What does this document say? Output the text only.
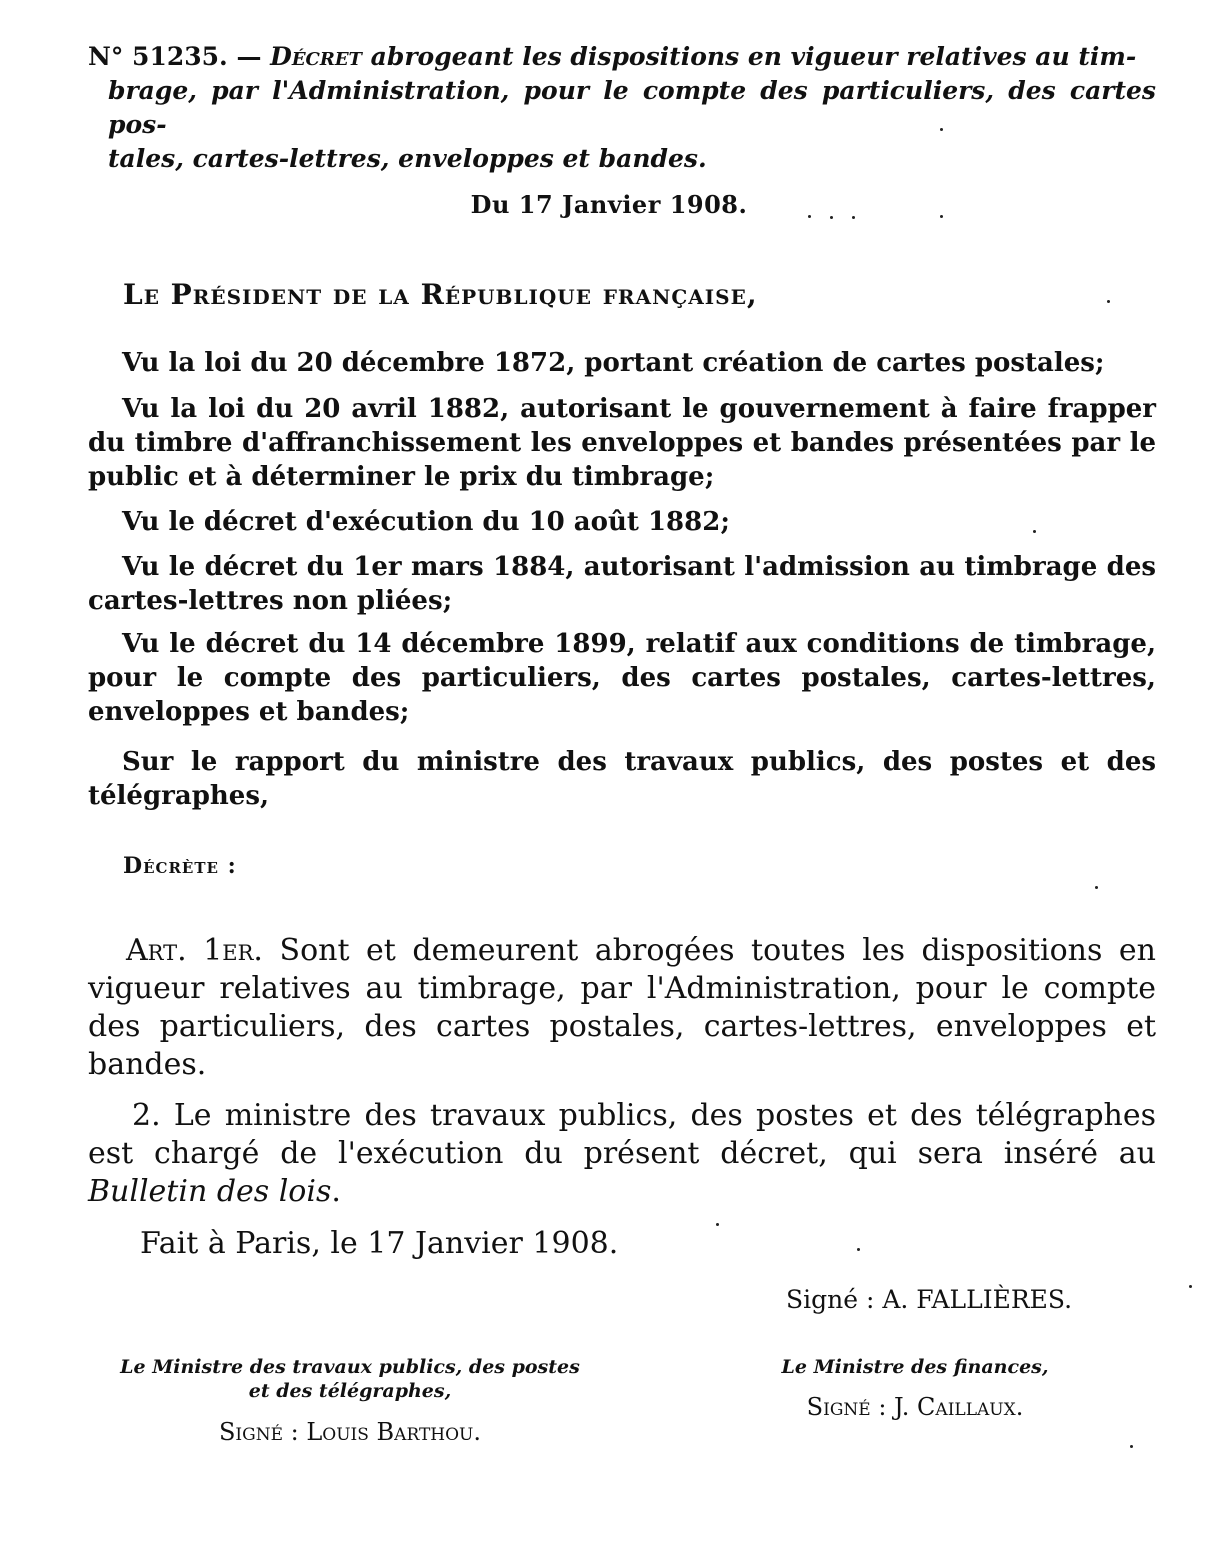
N° 51235. — Décret abrogeant les dispositions en vigueur relatives au tim-
brage, par l'Administration, pour le compte des particuliers, des cartes pos-
tales, cartes-lettres, enveloppes et bandes.
Du 17 Janvier 1908.
Le Président de la République française,
Vu la loi du 20 décembre 1872, portant création de cartes postales;
Vu la loi du 20 avril 1882, autorisant le gouvernement à faire frapper du timbre d'affranchissement les enveloppes et bandes présentées par le public et à déterminer le prix du timbrage;
Vu le décret d'exécution du 10 août 1882;
Vu le décret du 1er mars 1884, autorisant l'admission au timbrage des cartes-lettres non pliées;
Vu le décret du 14 décembre 1899, relatif aux conditions de timbrage, pour le compte des particuliers, des cartes postales, cartes-lettres, enveloppes et bandes;
Sur le rapport du ministre des travaux publics, des postes et des télégraphes,
Décrète :
Art. 1er. Sont et demeurent abrogées toutes les dispositions en vigueur relatives au timbrage, par l'Administration, pour le compte des particuliers, des cartes postales, cartes-lettres, enveloppes et bandes.
2. Le ministre des travaux publics, des postes et des télégraphes est chargé de l'exécution du présent décret, qui sera inséré au Bulletin des lois.
Fait à Paris, le 17 Janvier 1908.
Signé : A. FALLIÈRES.
Le Ministre des travaux publics, des postes
et des télégraphes,
Signé : Louis Barthou.
Le Ministre des finances,
Signé : J. Caillaux.
